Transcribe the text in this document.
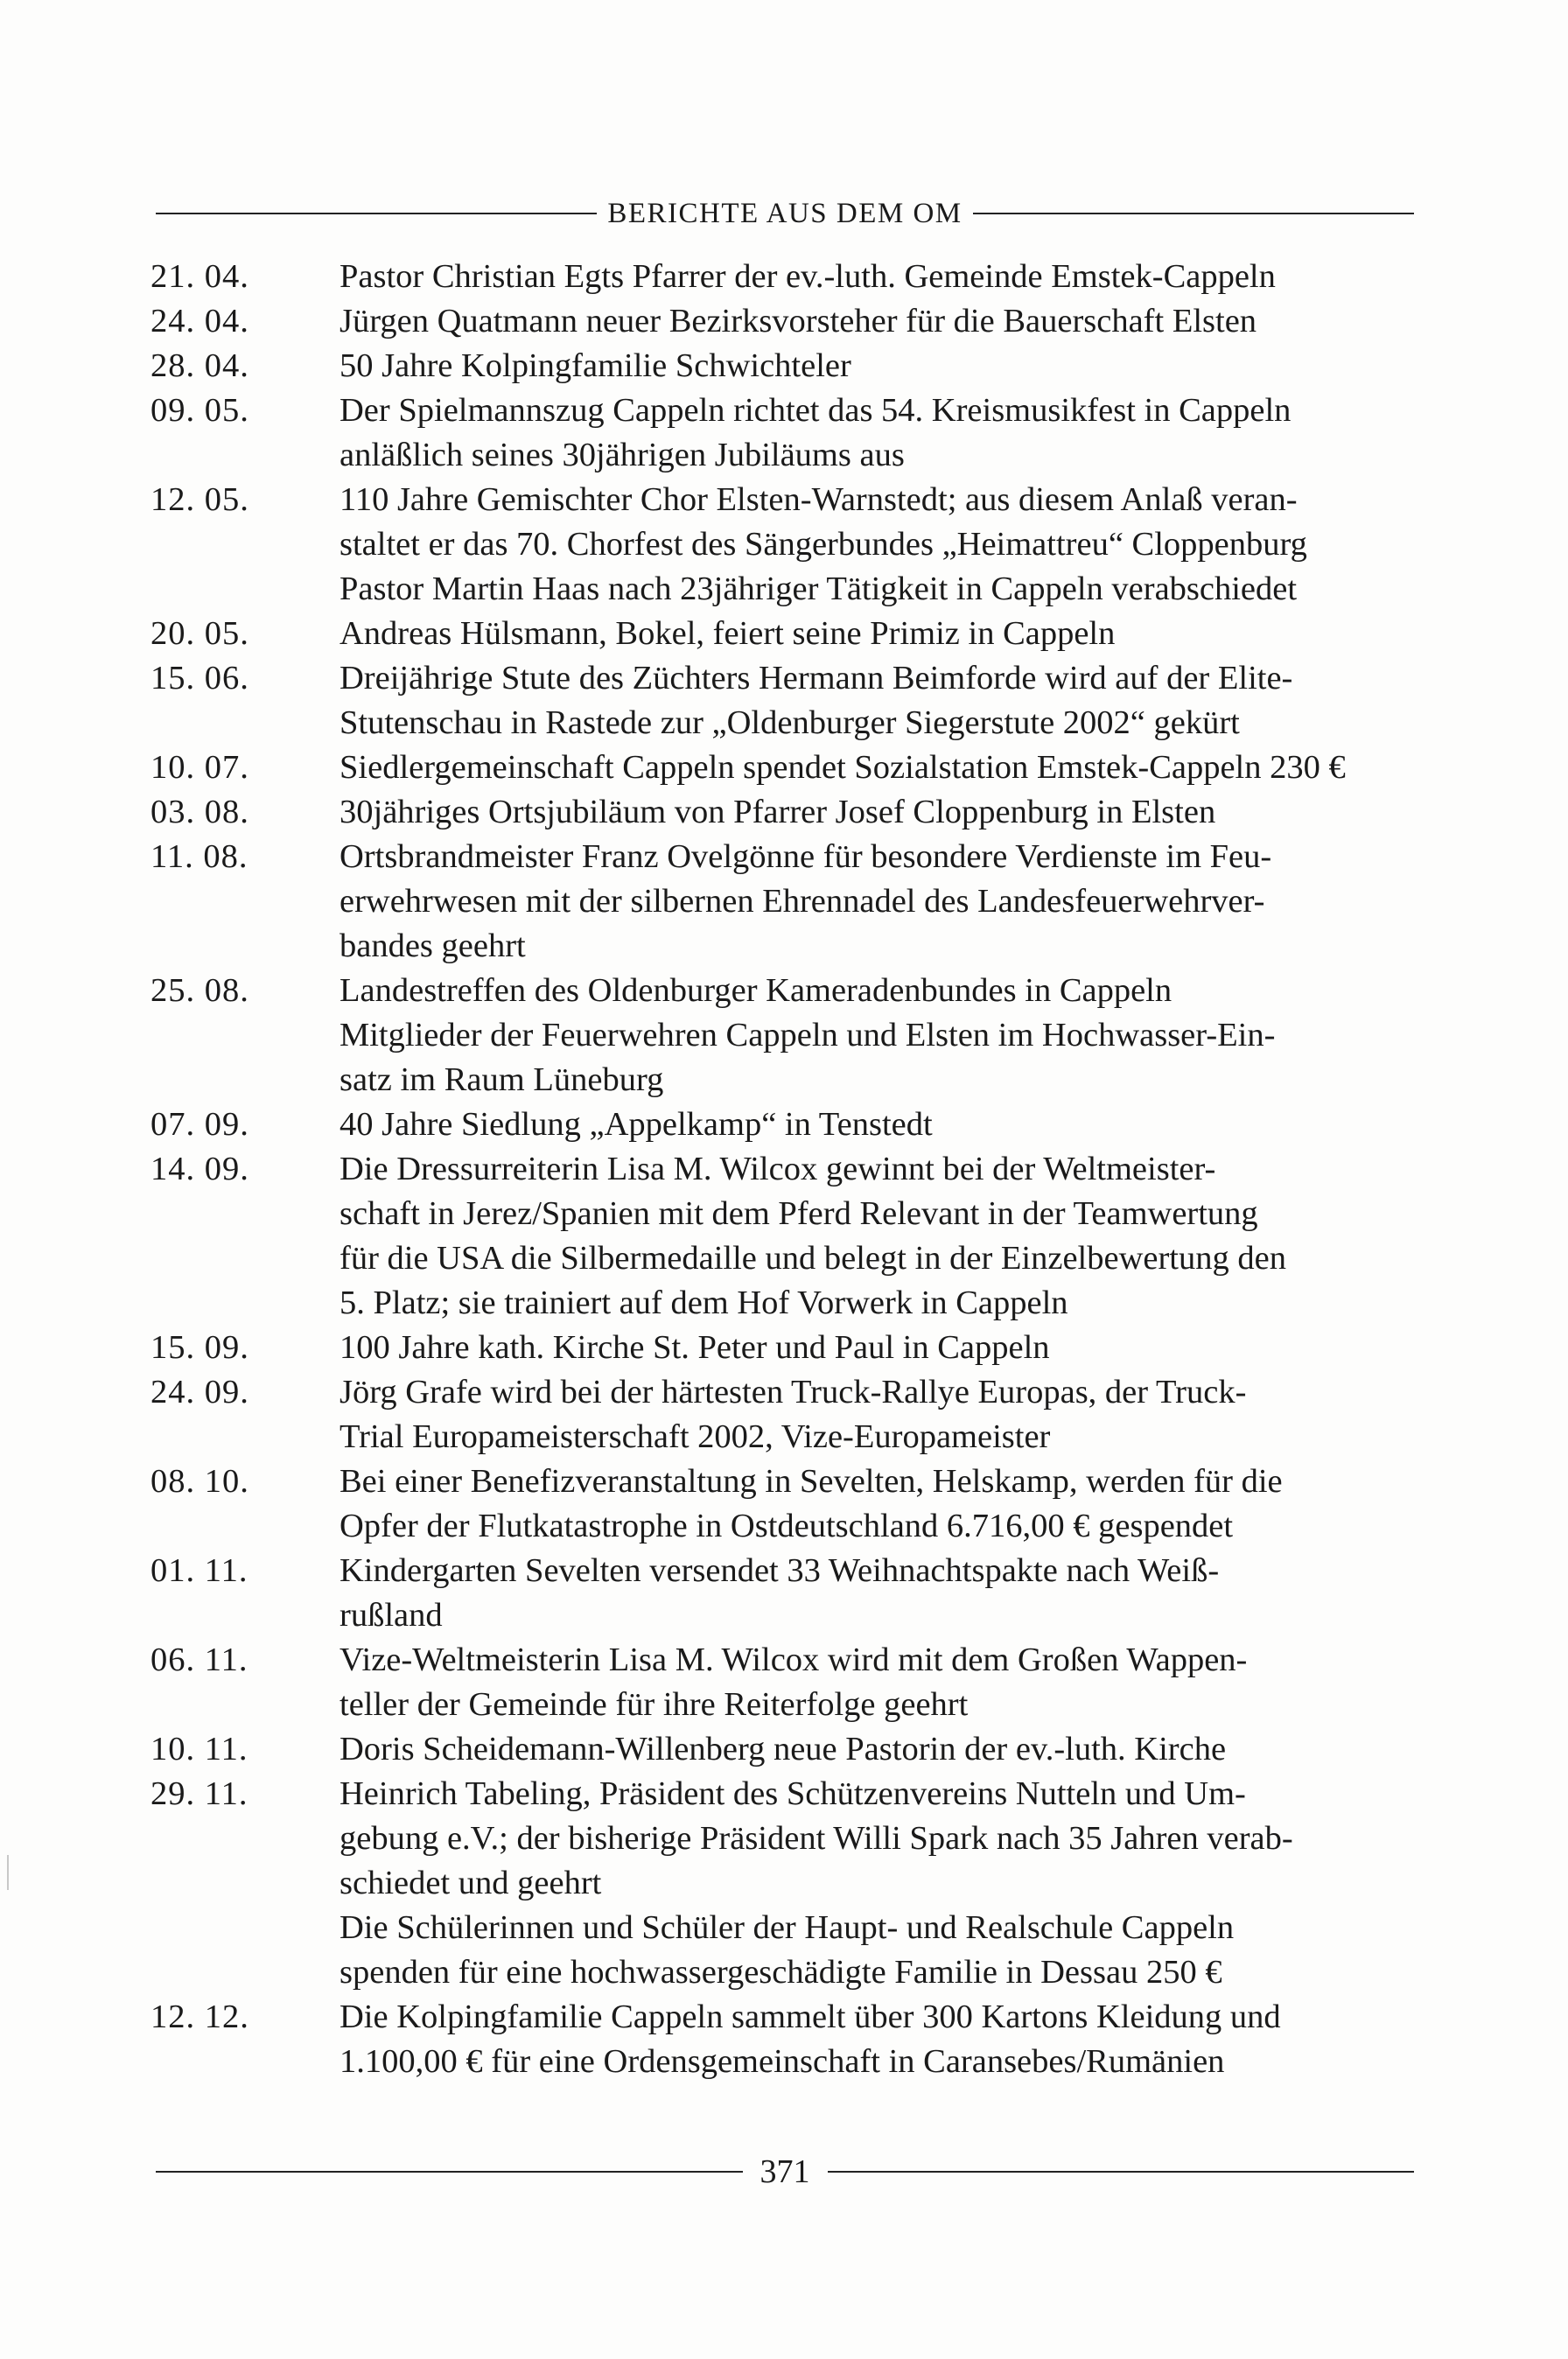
BERICHTE AUS DEM OM
21. 04.	Pastor Christian Egts Pfarrer der ev.-luth. Gemeinde Emstek-Cappeln
24. 04.	Jürgen Quatmann neuer Bezirksvorsteher für die Bauerschaft Elsten
28. 04.	50 Jahre Kolpingfamilie Schwichteler
09. 05.	Der Spielmannszug Cappeln richtet das 54. Kreismusikfest in Cappeln
anläßlich seines 30jährigen Jubiläums aus
12. 05.	110 Jahre Gemischter Chor Elsten-Warnstedt; aus diesem Anlaß veran-
staltet er das 70. Chorfest des Sängerbundes „Heimattreu“ Cloppenburg
Pastor Martin Haas nach 23jähriger Tätigkeit in Cappeln verabschiedet
20. 05.	Andreas Hülsmann, Bokel, feiert seine Primiz in Cappeln
15. 06.	Dreijährige Stute des Züchters Hermann Beimforde wird auf der Elite-
Stutenschau in Rastede zur „Oldenburger Siegerstute 2002“ gekürt
10. 07.	Siedlergemeinschaft Cappeln spendet Sozialstation Emstek-Cappeln 230 €
03. 08.	30jähriges Ortsjubiläum von Pfarrer Josef Cloppenburg in Elsten
11. 08.	Ortsbrandmeister Franz Ovelgönne für besondere Verdienste im Feu-
erwehrwesen mit der silbernen Ehrennadel des Landesfeuerwehrver-
bandes geehrt
25. 08.	Landestreffen des Oldenburger Kameradenbundes in Cappeln
Mitglieder der Feuerwehren Cappeln und Elsten im Hochwasser-Ein-
satz im Raum Lüneburg
07. 09.	40 Jahre Siedlung „Appelkamp“ in Tenstedt
14. 09.	Die Dressurreiterin Lisa M. Wilcox gewinnt bei der Weltmeister-
schaft in Jerez/Spanien mit dem Pferd Relevant in der Teamwertung
für die USA die Silbermedaille und belegt in der Einzelbewertung den
5. Platz; sie trainiert auf dem Hof Vorwerk in Cappeln
15. 09.	100 Jahre kath. Kirche St. Peter und Paul in Cappeln
24. 09.	Jörg Grafe wird bei der härtesten Truck-Rallye Europas, der Truck-
Trial Europameisterschaft 2002, Vize-Europameister
08. 10.	Bei einer Benefizveranstaltung in Sevelten, Helskamp, werden für die
Opfer der Flutkatastrophe in Ostdeutschland 6.716,00 € gespendet
01. 11.	Kindergarten Sevelten versendet 33 Weihnachtspakte nach Weiß-
rußland
06. 11.	Vize-Weltmeisterin Lisa M. Wilcox wird mit dem Großen Wappen-
teller der Gemeinde für ihre Reiterfolge geehrt
10. 11.	Doris Scheidemann-Willenberg neue Pastorin der ev.-luth. Kirche
29. 11.	Heinrich Tabeling, Präsident des Schützenvereins Nutteln und Um-
gebung e.V.; der bisherige Präsident Willi Spark nach 35 Jahren verab-
schiedet und geehrt
Die Schülerinnen und Schüler der Haupt- und Realschule Cappeln
spenden für eine hochwassergeschädigte Familie in Dessau 250 €
12. 12.	Die Kolpingfamilie Cappeln sammelt über 300 Kartons Kleidung und
1.100,00 € für eine Ordensgemeinschaft in Caransebes/Rumänien
371
